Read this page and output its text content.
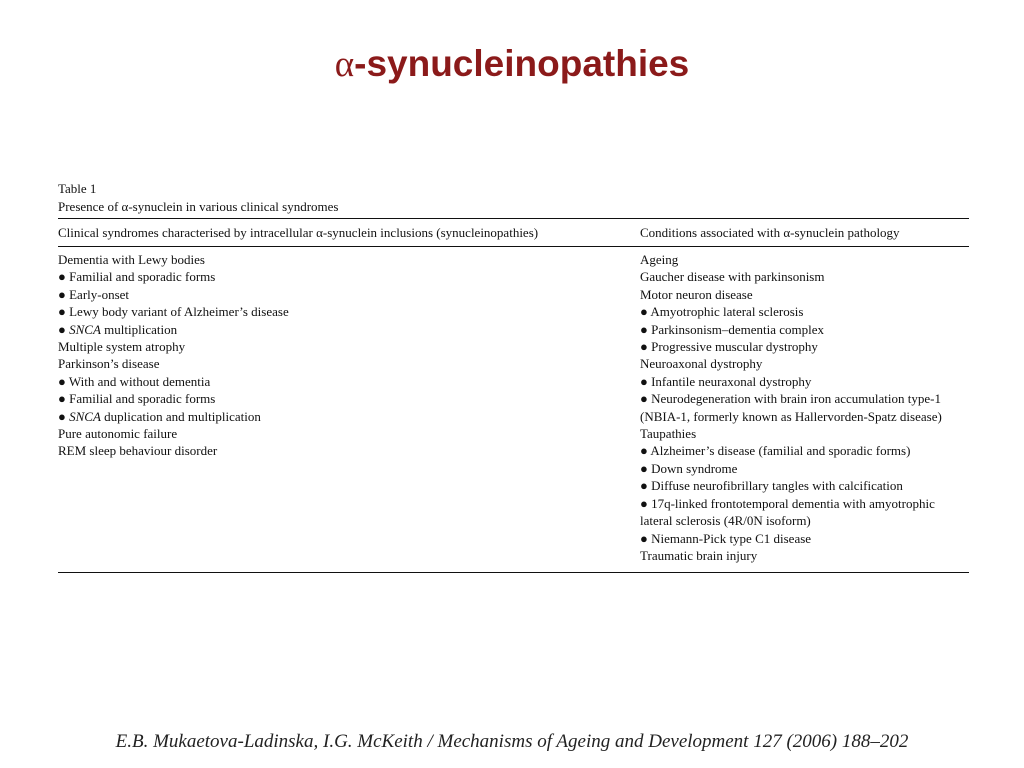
α-synucleinopathies
Table 1
Presence of α-synuclein in various clinical syndromes
Clinical syndromes characterised by intracellular α-synuclein inclusions (synucleinopathies)	Conditions associated with α-synuclein pathology
Dementia with Lewy bodies
● Familial and sporadic forms
● Early-onset
● Lewy body variant of Alzheimer’s disease
● SNCA multiplication
Multiple system atrophy
Parkinson’s disease
● With and without dementia
● Familial and sporadic forms
● SNCA duplication and multiplication
Pure autonomic failure
REM sleep behaviour disorder
Ageing
Gaucher disease with parkinsonism
Motor neuron disease
● Amyotrophic lateral sclerosis
● Parkinsonism–dementia complex
● Progressive muscular dystrophy
Neuroaxonal dystrophy
● Infantile neuraxonal dystrophy
● Neurodegeneration with brain iron accumulation type-1
(NBIA-1, formerly known as Hallervorden-Spatz disease)
Taupathies
● Alzheimer’s disease (familial and sporadic forms)
● Down syndrome
● Diffuse neurofibrillary tangles with calcification
● 17q-linked frontotemporal dementia with amyotrophic
lateral sclerosis (4R/0N isoform)
● Niemann-Pick type C1 disease
Traumatic brain injury
E.B. Mukaetova-Ladinska, I.G. McKeith / Mechanisms of Ageing and Development 127 (2006) 188–202
